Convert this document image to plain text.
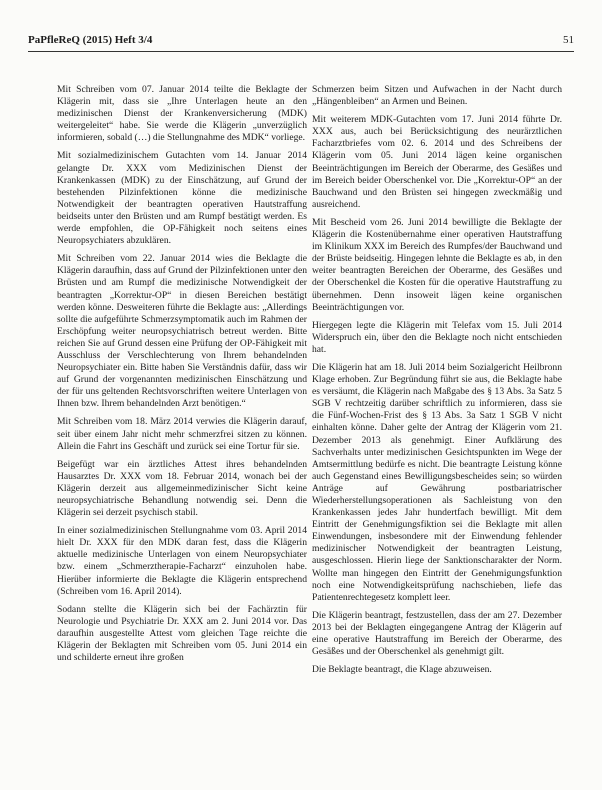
PaPfleReQ (2015) Heft 3/4	51

Mit Schreiben vom 07. Januar 2014 teilte die Beklagte der Klägerin mit, dass sie „Ihre Unterlagen heute an den medizinischen Dienst der Krankenversicherung (MDK) weitergeleitet“ habe. Sie werde die Klägerin „unverzüglich informieren, sobald (…) die Stellungnahme des MDK“ vorliege.

Mit sozialmedizinischem Gutachten vom 14. Januar 2014 gelangte Dr. XXX vom Medizinischen Dienst der Krankenkassen (MDK) zu der Einschätzung, auf Grund der bestehenden Pilzinfektionen könne die medizinische Notwendigkeit der beantragten operativen Hautstraffung beidseits unter den Brüsten und am Rumpf bestätigt werden. Es werde empfohlen, die OP-Fähigkeit noch seitens eines Neuropsychiaters abzuklären.

Mit Schreiben vom 22. Januar 2014 wies die Beklagte die Klägerin daraufhin, dass auf Grund der Pilzinfektionen unter den Brüsten und am Rumpf die medizinische Notwendigkeit der beantragten „Korrektur-OP“ in diesen Bereichen bestätigt werden könne. Desweiteren führte die Beklagte aus: „Allerdings sollte die aufgeführte Schmerzsymptomatik auch im Rahmen der Erschöpfung weiter neuropsychiatrisch betreut werden. Bitte reichen Sie auf Grund dessen eine Prüfung der OP-Fähigkeit mit Ausschluss der Verschlechterung von Ihrem behandelnden Neuropsychiater ein. Bitte haben Sie Verständnis dafür, dass wir auf Grund der vorgenannten medizinischen Einschätzung und der für uns geltenden Rechtsvorschriften weitere Unterlagen von Ihnen bzw. Ihrem behandelnden Arzt benötigen.“

Mit Schreiben vom 18. März 2014 verwies die Klägerin darauf, seit über einem Jahr nicht mehr schmerzfrei sitzen zu können. Allein die Fahrt ins Geschäft und zurück sei eine Tortur für sie.

Beigefügt war ein ärztliches Attest ihres behandelnden Hausarztes Dr. XXX vom 18. Februar 2014, wonach bei der Klägerin derzeit aus allgemeinmedizinischer Sicht keine neuropsychiatrische Behandlung notwendig sei. Denn die Klägerin sei derzeit psychisch stabil.

In einer sozialmedizinischen Stellungnahme vom 03. April 2014 hielt Dr. XXX für den MDK daran fest, dass die Klägerin aktuelle medizinische Unterlagen von einem Neuropsychiater bzw. einem „Schmerztherapie-Facharzt“ einzuholen habe. Hierüber informierte die Beklagte die Klägerin entsprechend (Schreiben vom 16. April 2014).

Sodann stellte die Klägerin sich bei der Fachärztin für Neurologie und Psychiatrie Dr. XXX am 2. Juni 2014 vor. Das daraufhin ausgestellte Attest vom gleichen Tage reichte die Klägerin der Beklagten mit Schreiben vom 05. Juni 2014 ein und schilderte erneut ihre großen

Schmerzen beim Sitzen und Aufwachen in der Nacht durch „Hängenbleiben“ an Armen und Beinen.

Mit weiterem MDK-Gutachten vom 17. Juni 2014 führte Dr. XXX aus, auch bei Berücksichtigung des neurärztlichen Facharztbriefes vom 02. 6. 2014 und des Schreibens der Klägerin vom 05. Juni 2014 lägen keine organischen Beeinträchtigungen im Bereich der Oberarme, des Gesäßes und im Bereich beider Oberschenkel vor. Die „Korrektur-OP“ an der Bauchwand und den Brüsten sei hingegen zweckmäßig und ausreichend.

Mit Bescheid vom 26. Juni 2014 bewilligte die Beklagte der Klägerin die Kostenübernahme einer operativen Hautstraffung im Klinikum XXX im Bereich des Rumpfes/der Bauchwand und der Brüste beidseitig. Hingegen lehnte die Beklagte es ab, in den weiter beantragten Bereichen der Oberarme, des Gesäßes und der Oberschenkel die Kosten für die operative Hautstraffung zu übernehmen. Denn insoweit lägen keine organischen Beeinträchtigungen vor.

Hiergegen legte die Klägerin mit Telefax vom 15. Juli 2014 Widerspruch ein, über den die Beklagte noch nicht entschieden hat.

Die Klägerin hat am 18. Juli 2014 beim Sozialgericht Heilbronn Klage erhoben. Zur Begründung führt sie aus, die Beklagte habe es versäumt, die Klägerin nach Maßgabe des § 13 Abs. 3a Satz 5 SGB V rechtzeitig darüber schriftlich zu informieren, dass sie die Fünf-Wochen-Frist des § 13 Abs. 3a Satz 1 SGB V nicht einhalten könne. Daher gelte der Antrag der Klägerin vom 21. Dezember 2013 als genehmigt. Einer Aufklärung des Sachverhalts unter medizinischen Gesichtspunkten im Wege der Amtsermittlung bedürfe es nicht. Die beantragte Leistung könne auch Gegenstand eines Bewilligungsbescheides sein; so würden Anträge auf Gewährung postbariatrischer Wiederherstellungsoperationen als Sachleistung von den Krankenkassen jedes Jahr hundertfach bewilligt. Mit dem Eintritt der Genehmigungsfiktion sei die Beklagte mit allen Einwendungen, insbesondere mit der Einwendung fehlender medizinischer Notwendigkeit der beantragten Leistung, ausgeschlossen. Hierin liege der Sanktionscharakter der Norm. Wollte man hingegen den Eintritt der Genehmigungsfunktion noch eine Notwendigkeitsprüfung nachschieben, liefe das Patientenrechtegesetz komplett leer.

Die Klägerin beantragt, festzustellen, dass der am 27. Dezember 2013 bei der Beklagten eingegangene Antrag der Klägerin auf eine operative Hautstraffung im Bereich der Oberarme, des Gesäßes und der Oberschenkel als genehmigt gilt.

Die Beklagte beantragt, die Klage abzuweisen.
